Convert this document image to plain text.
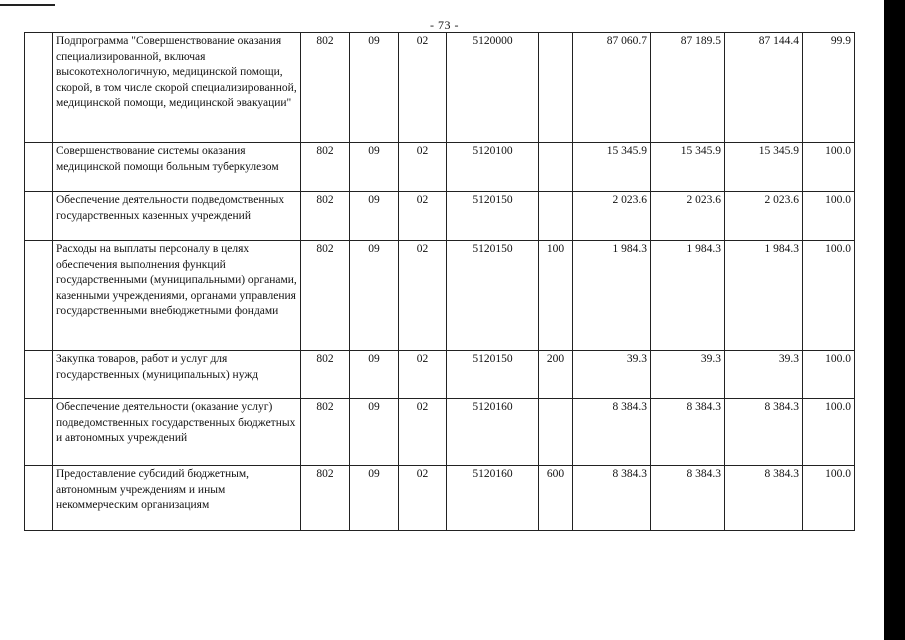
- 73 -
	Подпрограмма "Совершенствование оказания специализированной, включая высокотехнологичную, медицинской помощи, скорой, в том числе скорой специализированной, медицинской помощи, медицинской эвакуации"	802	09	02	5120000		87 060.7	87 189.5	87 144.4	99.9
	Совершенствование системы оказания медицинской помощи больным туберкулезом	802	09	02	5120100		15 345.9	15 345.9	15 345.9	100.0
	Обеспечение деятельности подведомственных государственных казенных учреждений	802	09	02	5120150		2 023.6	2 023.6	2 023.6	100.0
	Расходы на выплаты персоналу в целях обеспечения выполнения функций государственными (муниципальными) органами, казенными учреждениями, органами управления государственными внебюджетными фондами	802	09	02	5120150	100	1 984.3	1 984.3	1 984.3	100.0
	Закупка товаров, работ и услуг для государственных (муниципальных) нужд	802	09	02	5120150	200	39.3	39.3	39.3	100.0
	Обеспечение деятельности (оказание услуг) подведомственных государственных бюджетных и автономных учреждений	802	09	02	5120160		8 384.3	8 384.3	8 384.3	100.0
	Предоставление субсидий бюджетным, автономным учреждениям и иным некоммерческим организациям	802	09	02	5120160	600	8 384.3	8 384.3	8 384.3	100.0
